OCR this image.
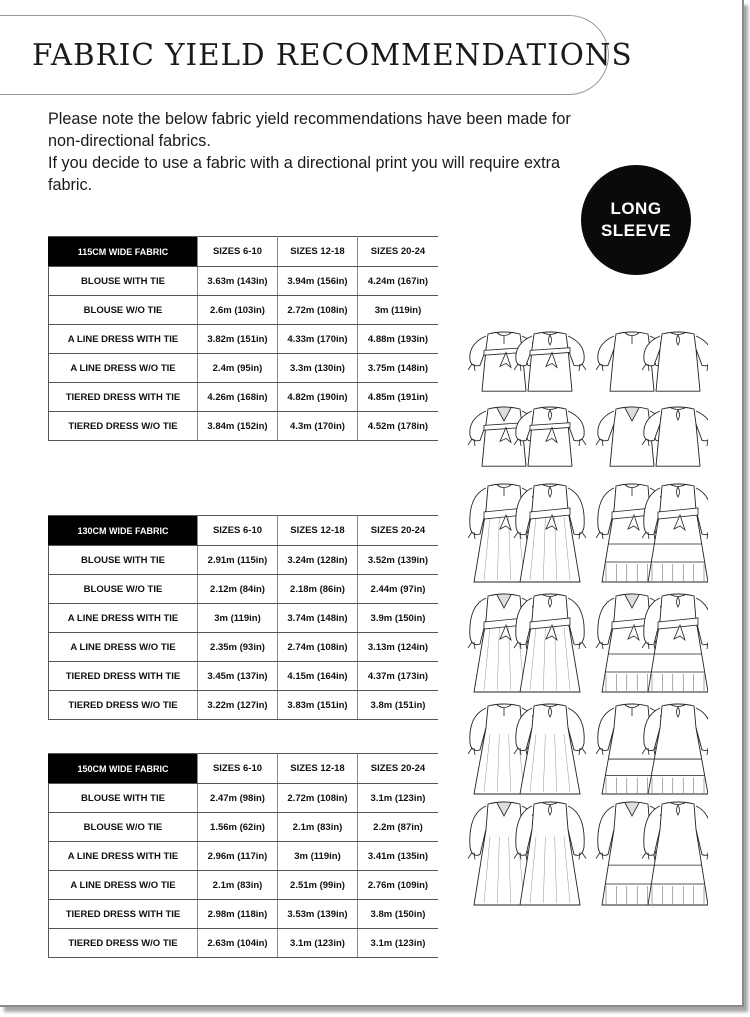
FABRIC YIELD RECOMMENDATIONS

Please note the below fabric yield recommendations have been made for non-directional fabrics.

If you decide to use a fabric with a directional print you will require extra fabric.

LONG
SLEEVE
115CM WIDE FABRIC	SIZES 6-10	SIZES 12-18	SIZES 20-24
BLOUSE WITH TIE	3.63m (143in)	3.94m (156in)	4.24m (167in)
BLOUSE W/O TIE	2.6m (103in)	2.72m (108in)	3m (119in)
A LINE DRESS WITH TIE	3.82m (151in)	4.33m (170in)	4.88m (193in)
A LINE DRESS W/O TIE	2.4m (95in)	3.3m (130in)	3.75m (148in)
TIERED DRESS WITH TIE	4.26m (168in)	4.82m (190in)	4.85m (191in)
TIERED DRESS W/O TIE	3.84m (152in)	4.3m (170in)	4.52m (178in)
130CM WIDE FABRIC	SIZES 6-10	SIZES 12-18	SIZES 20-24
BLOUSE WITH TIE	2.91m (115in)	3.24m (128in)	3.52m (139in)
BLOUSE W/O TIE	2.12m (84in)	2.18m (86in)	2.44m (97in)
A LINE DRESS WITH TIE	3m (119in)	3.74m (148in)	3.9m (150in)
A LINE DRESS W/O TIE	2.35m (93in)	2.74m (108in)	3.13m (124in)
TIERED DRESS WITH TIE	3.45m (137in)	4.15m (164in)	4.37m (173in)
TIERED DRESS W/O TIE	3.22m (127in)	3.83m (151in)	3.8m (151in)
150CM WIDE FABRIC	SIZES 6-10	SIZES 12-18	SIZES 20-24
BLOUSE WITH TIE	2.47m (98in)	2.72m (108in)	3.1m (123in)
BLOUSE W/O TIE	1.56m (62in)	2.1m (83in)	2.2m (87in)
A LINE DRESS WITH TIE	2.96m (117in)	3m (119in)	3.41m (135in)
A LINE DRESS W/O TIE	2.1m (83in)	2.51m (99in)	2.76m (109in)
TIERED DRESS WITH TIE	2.98m (118in)	3.53m (139in)	3.8m (150in)
TIERED DRESS W/O TIE	2.63m (104in)	3.1m (123in)	3.1m (123in)
